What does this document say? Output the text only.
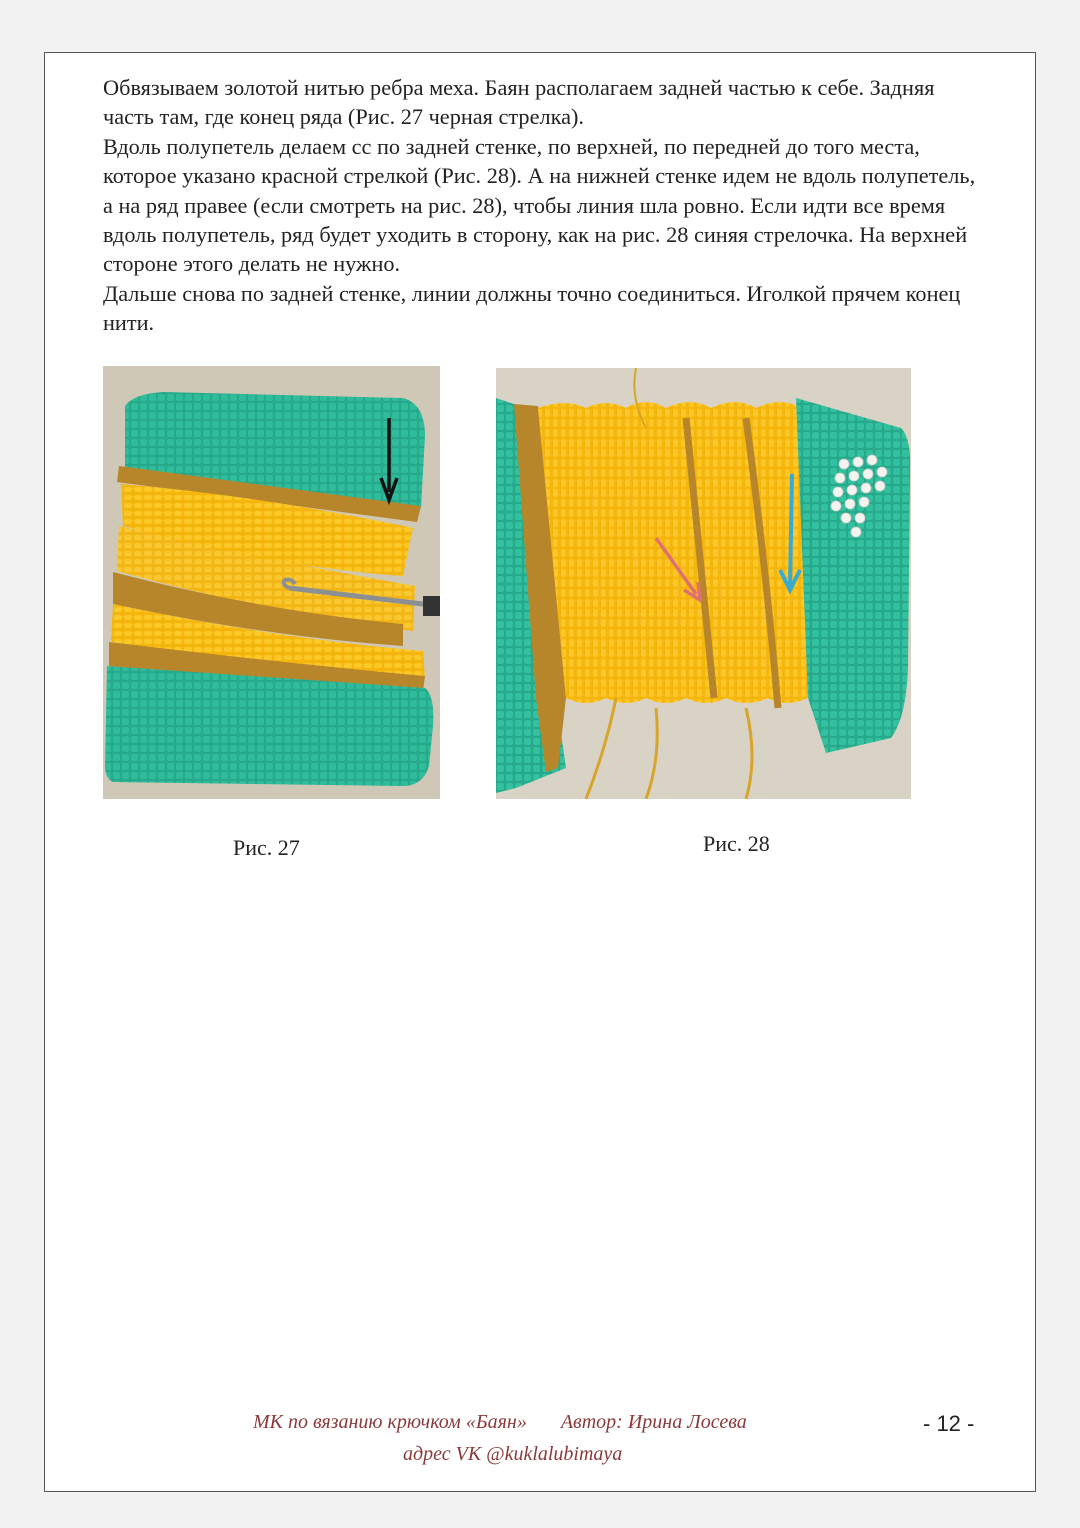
Обвязываем золотой нитью ребра меха. Баян располагаем задней частью к себе. Задняя часть там, где конец ряда (Рис. 27 черная стрелка).

Вдоль полупетель делаем сс по задней стенке, по верхней, по передней до того места, которое указано красной стрелкой (Рис. 28). А на нижней стенке идем не вдоль полупетель, а на ряд правее (если смотреть на рис. 28), чтобы линия шла ровно. Если идти все время вдоль полупетель, ряд будет уходить в сторону, как на рис. 28 синяя стрелочка. На верхней стороне этого делать не нужно.

Дальше снова по задней стенке, линии должны точно соединиться. Иголкой прячем конец нити.

Рис. 27	Рис. 28
МК по вязанию крючком «Баян» Автор: Ирина Лосева
адрес VK @kuklalubimaya
- 12 -
